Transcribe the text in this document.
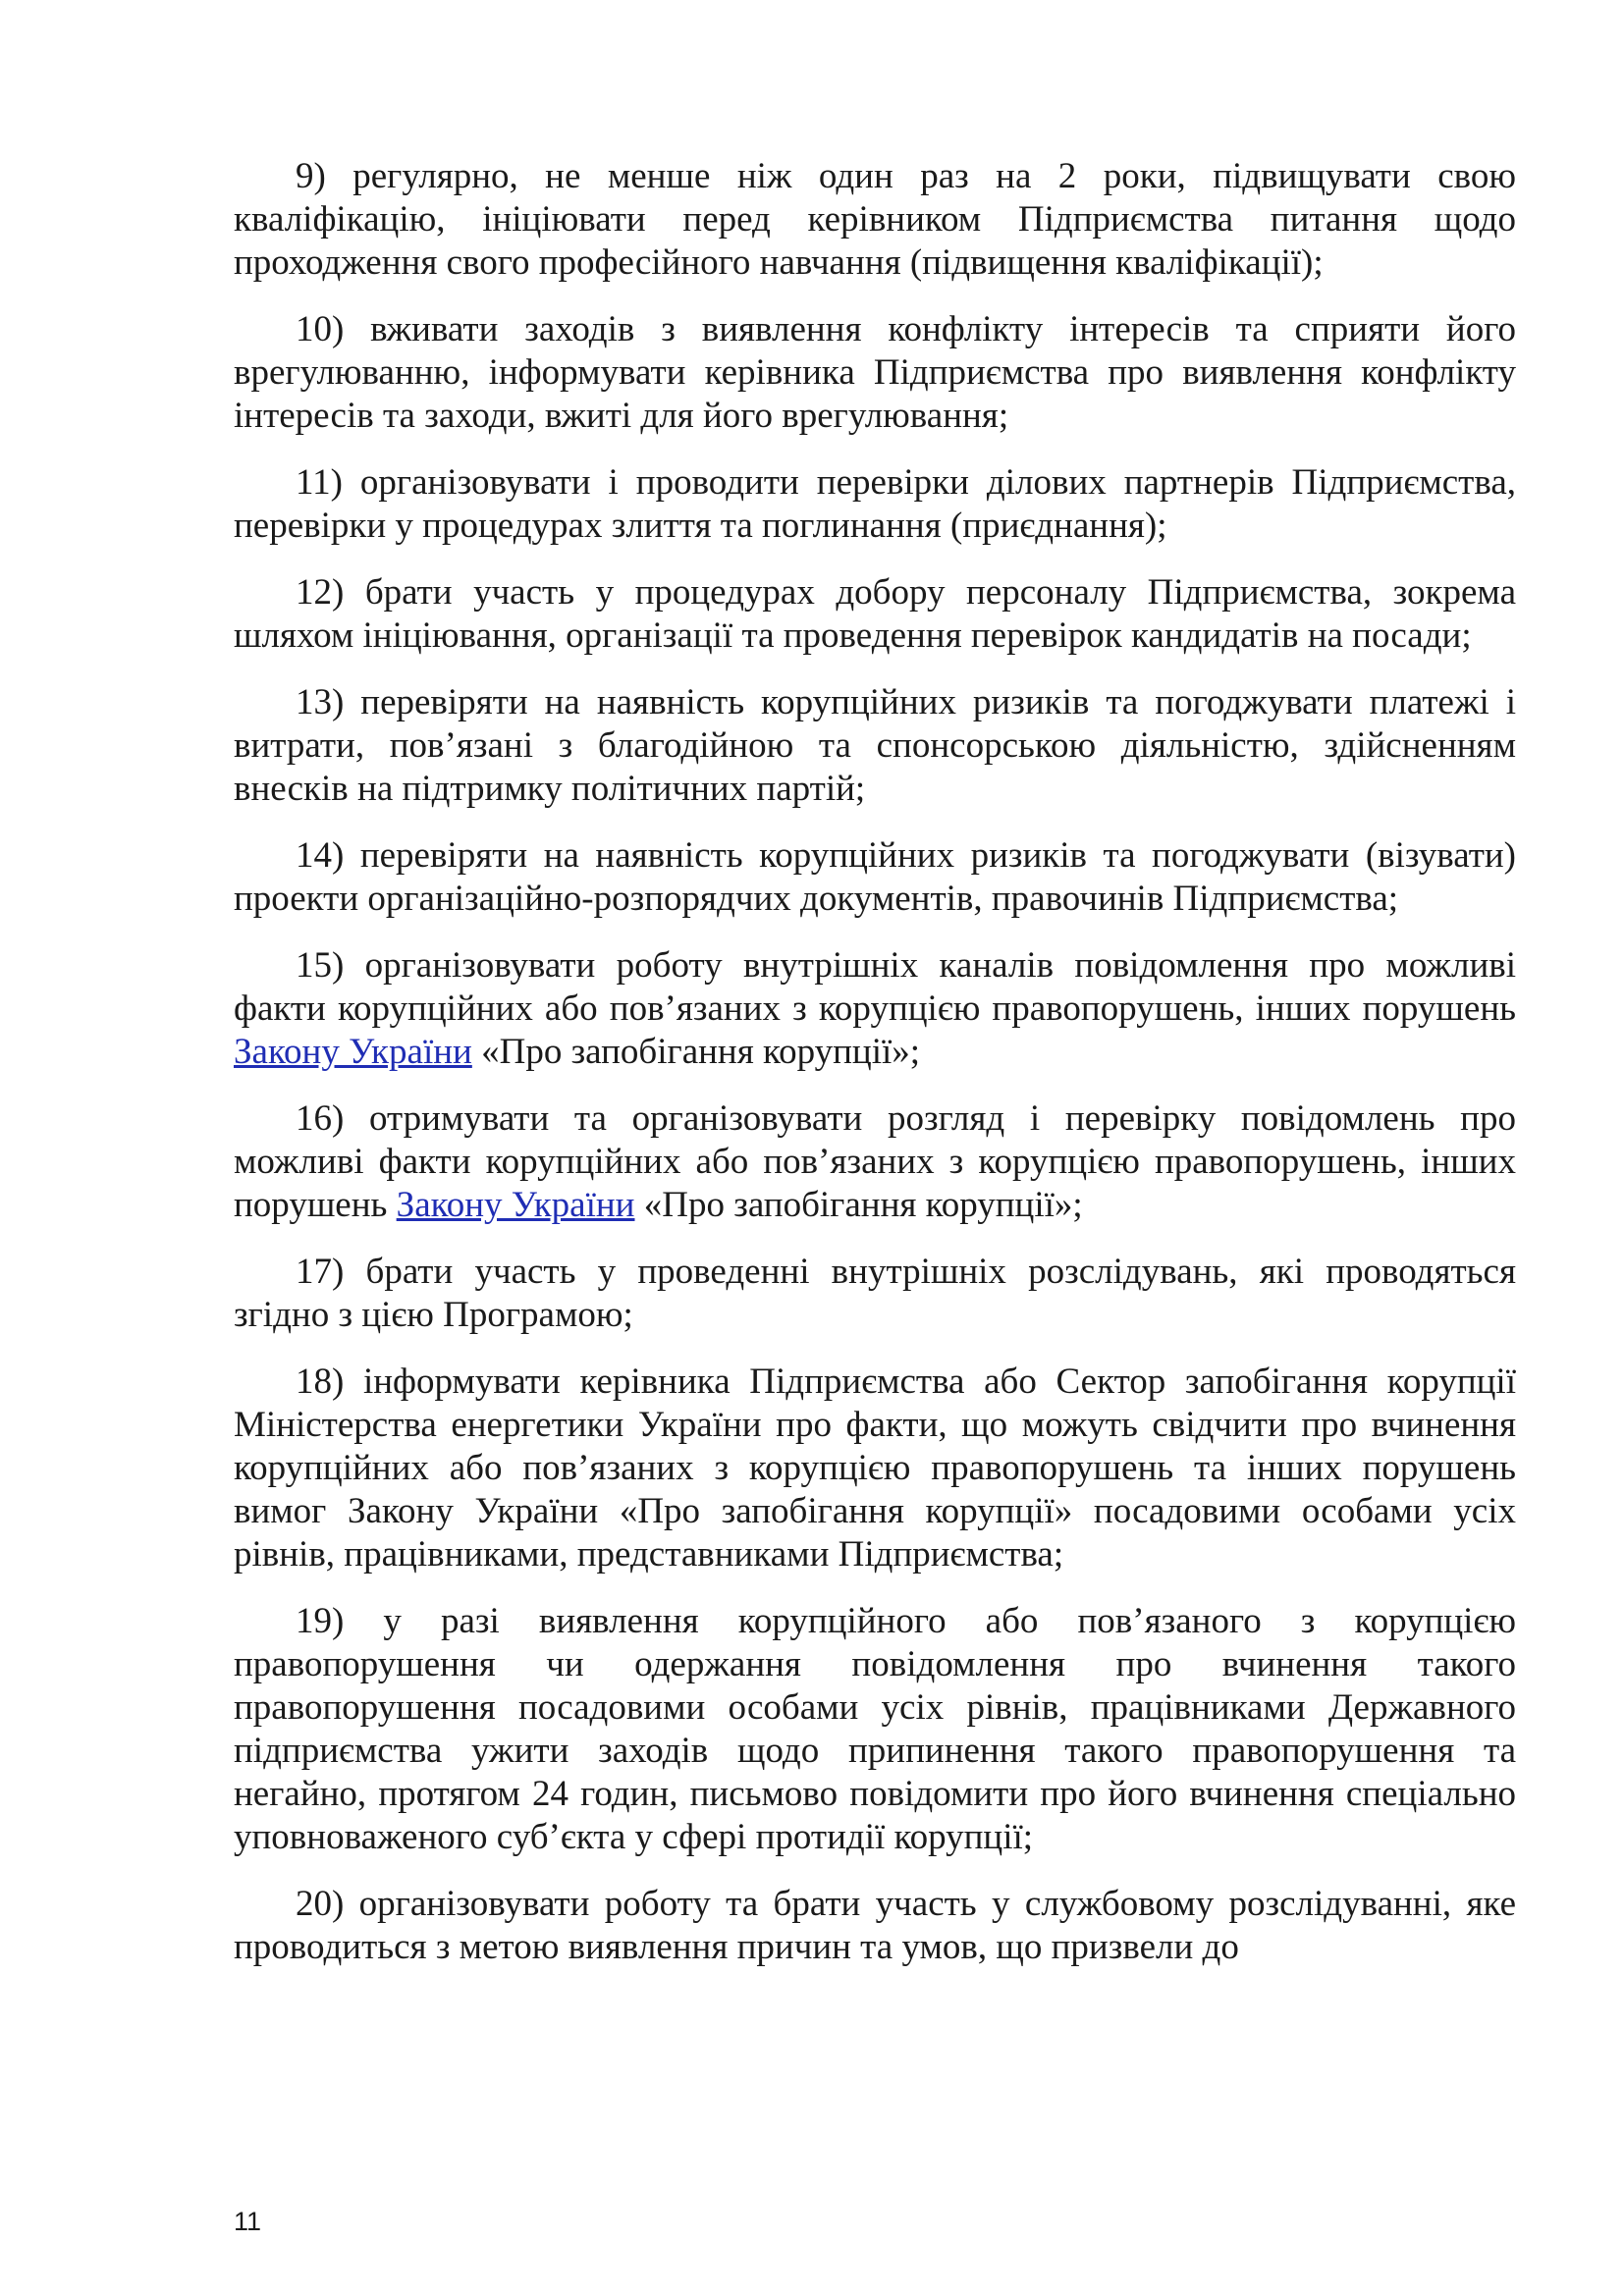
9) регулярно, не менше ніж один раз на 2 роки, підвищувати свою кваліфікацію, ініціювати перед керівником Підприємства питання щодо проходження свого професійного навчання (підвищення кваліфікації);

10) вживати заходів з виявлення конфлікту інтересів та сприяти його врегулюванню, інформувати керівника Підприємства про виявлення конфлікту інтересів та заходи, вжиті для його врегулювання;

11) організовувати і проводити перевірки ділових партнерів Підприємства, перевірки у процедурах злиття та поглинання (приєднання);

12) брати участь у процедурах добору персоналу Підприємства, зокрема шляхом ініціювання, організації та проведення перевірок кандидатів на посади;

13) перевіряти на наявність корупційних ризиків та погоджувати платежі і витрати, пов’язані з благодійною та спонсорською діяльністю, здійсненням внесків на підтримку політичних партій;

14) перевіряти на наявність корупційних ризиків та погоджувати (візувати) проекти організаційно-розпорядчих документів, правочинів Підприємства;

15) організовувати роботу внутрішніх каналів повідомлення про можливі факти корупційних або пов’язаних з корупцією правопорушень, інших порушень Закону України «Про запобігання корупції»;

16) отримувати та організовувати розгляд і перевірку повідомлень про можливі факти корупційних або пов’язаних з корупцією правопорушень, інших порушень Закону України «Про запобігання корупції»;

17) брати участь у проведенні внутрішніх розслідувань, які проводяться згідно з цією Програмою;

18) інформувати керівника Підприємства або Сектор запобігання корупції Міністерства енергетики України про факти, що можуть свідчити про вчинення корупційних або пов’язаних з корупцією правопорушень та інших порушень вимог Закону України «Про запобігання корупції» посадовими особами усіх рівнів, працівниками, представниками Підприємства;

19) у разі виявлення корупційного або пов’язаного з корупцією правопорушення чи одержання повідомлення про вчинення такого правопорушення посадовими особами усіх рівнів, працівниками Державного підприємства ужити заходів щодо припинення такого правопорушення та негайно, протягом 24 годин, письмово повідомити про його вчинення спеціально уповноваженого суб’єкта у сфері протидії корупції;

20) організовувати роботу та брати участь у службовому розслідуванні, яке проводиться з метою виявлення причин та умов, що призвели до

11
